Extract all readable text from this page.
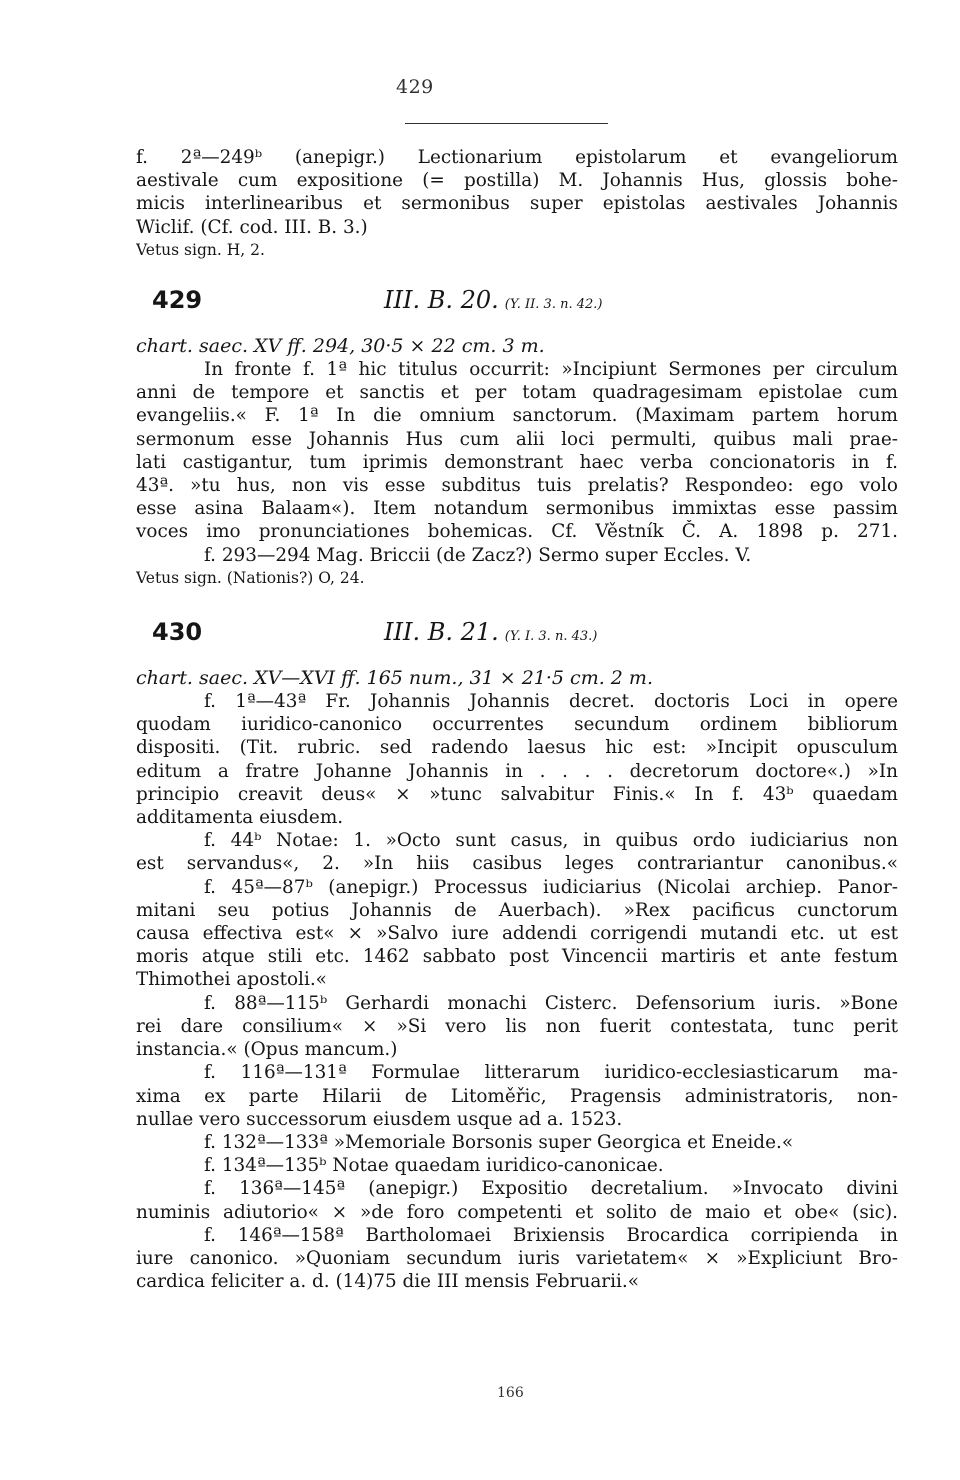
429
f. 2ª—249ᵇ (anepigr.) Lectionarium epistolarum et evangeliorum
aestivale cum expositione (= postilla) M. Johannis Hus, glossis bohe-
micis interlinearibus et sermonibus super epistolas aestivales Johannis
Wiclif. (Cf. cod. III. B. 3.)
Vetus sign. H, 2.
429	III. B. 20. (Y. II. 3. n. 42.)
chart. saec. XV ff. 294, 30·5 × 22 cm. 3 m.
In fronte f. 1ª hic titulus occurrit: »Incipiunt Sermones per circulum
anni de tempore et sanctis et per totam quadragesimam epistolae cum
evangeliis.« F. 1ª In die omnium sanctorum. (Maximam partem horum
sermonum esse Johannis Hus cum alii loci permulti, quibus mali prae-
lati castigantur, tum iprimis demonstrant haec verba concionatoris in f.
43ª. »tu hus, non vis esse subditus tuis prelatis? Respondeo: ego volo
esse asina Balaam«). Item notandum sermonibus immixtas esse passim
voces imo pronunciationes bohemicas. Cf. Věstník Č. A. 1898 p. 271.
f. 293—294 Mag. Briccii (de Zacz?) Sermo super Eccles. V.
Vetus sign. (Nationis?) O, 24.
430	III. B. 21. (Y. I. 3. n. 43.)
chart. saec. XV—XVI ff. 165 num., 31 × 21·5 cm. 2 m.
f. 1ª—43ª Fr. Johannis Johannis decret. doctoris Loci in opere
quodam iuridico-canonico occurrentes secundum ordinem bibliorum
dispositi. (Tit. rubric. sed radendo laesus hic est: »Incipit opusculum
editum a fratre Johanne Johannis in . . . . decretorum doctore«.) »In
principio creavit deus« × »tunc salvabitur Finis.« In f. 43ᵇ quaedam
additamenta eiusdem.
f. 44ᵇ Notae: 1. »Octo sunt casus, in quibus ordo iudiciarius non
est servandus«, 2. »In hiis casibus leges contrariantur canonibus.«
f. 45ª—87ᵇ (anepigr.) Processus iudiciarius (Nicolai archiep. Panor-
mitani seu potius Johannis de Auerbach). »Rex pacificus cunctorum
causa effectiva est« × »Salvo iure addendi corrigendi mutandi etc. ut est
moris atque stili etc. 1462 sabbato post Vincencii martiris et ante festum
Thimothei apostoli.«
f. 88ª—115ᵇ Gerhardi monachi Cisterc. Defensorium iuris. »Bone
rei dare consilium« × »Si vero lis non fuerit contestata, tunc perit
instancia.« (Opus mancum.)
f. 116ª—131ª Formulae litterarum iuridico-ecclesiasticarum ma-
xima ex parte Hilarii de Litoměřic, Pragensis administratoris, non-
nullae vero successorum eiusdem usque ad a. 1523.
f. 132ª—133ª »Memoriale Borsonis super Georgica et Eneide.«
f. 134ª—135ᵇ Notae quaedam iuridico-canonicae.
f. 136ª—145ª (anepigr.) Expositio decretalium. »Invocato divini
numinis adiutorio« × »de foro competenti et solito de maio et obe« (sic).
f. 146ª—158ª Bartholomaei Brixiensis Brocardica corripienda in
iure canonico. »Quoniam secundum iuris varietatem« × »Expliciunt Bro-
cardica feliciter a. d. (14)75 die III mensis Februarii.«
166
